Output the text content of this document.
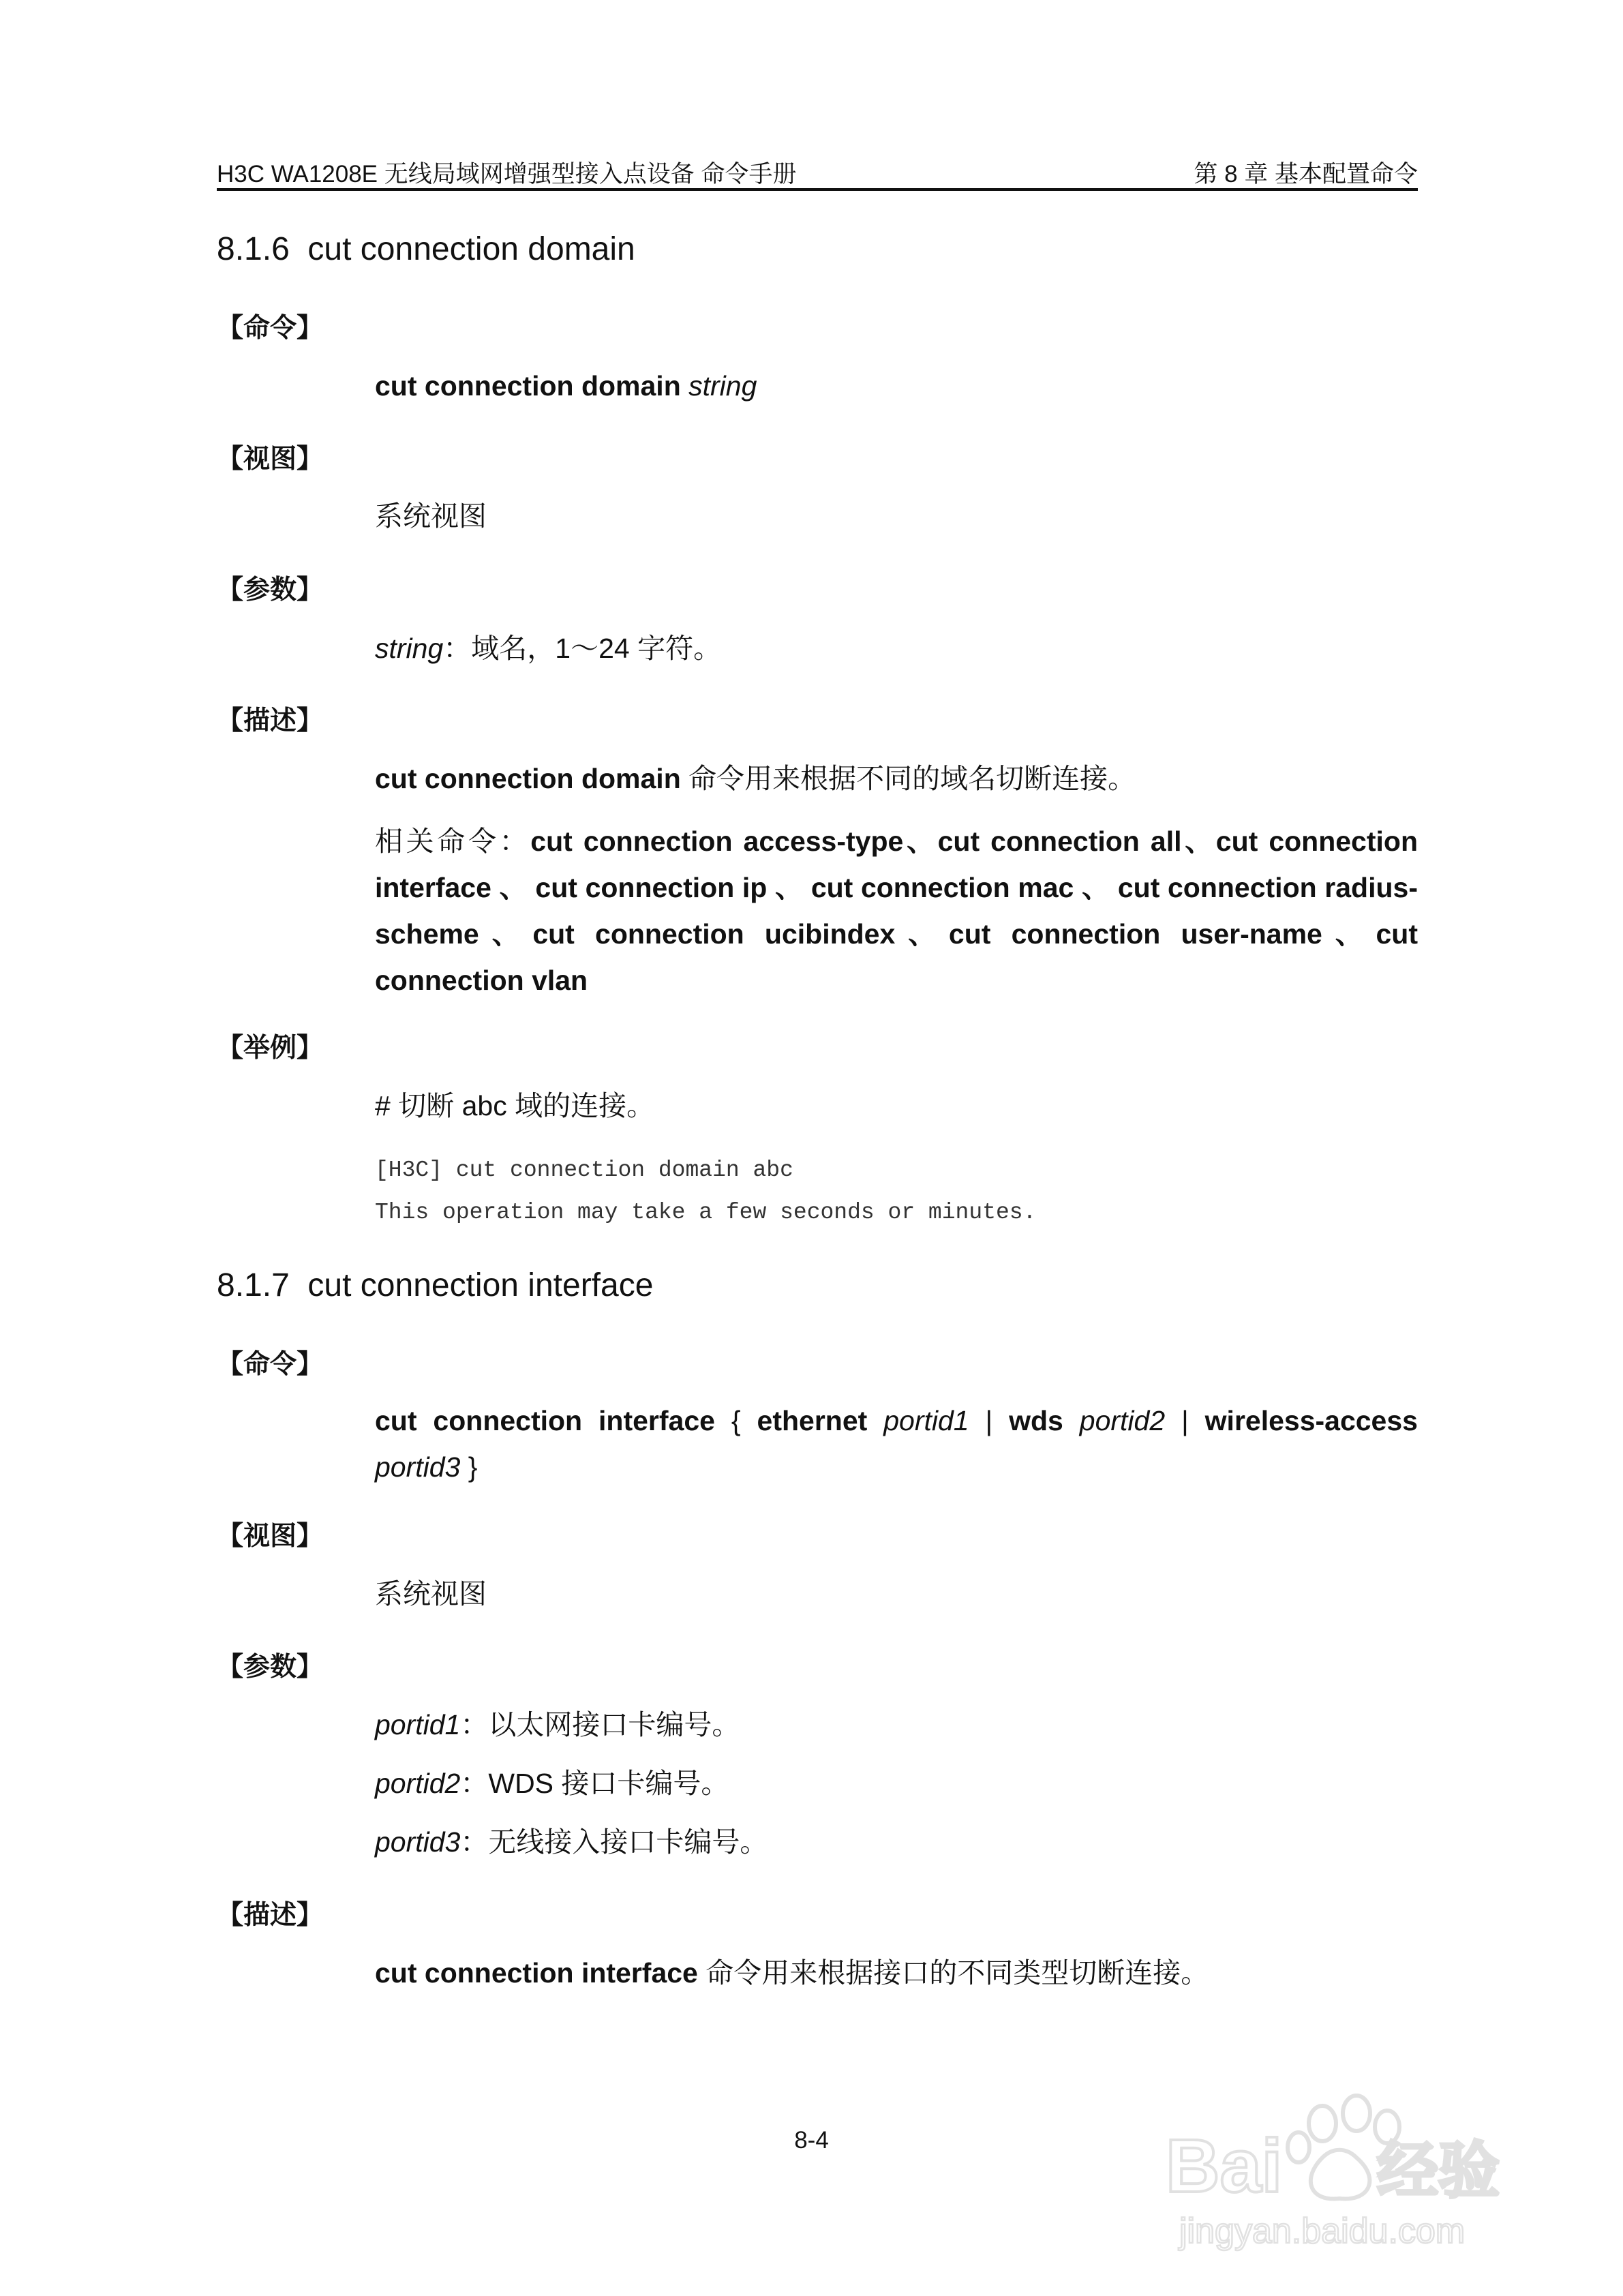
H3C WA1208E 无线局域网增强型接入点设备 命令手册	第 8 章 基本配置命令
8.1.6  cut connection domain
【命令】
cut connection domain string
【视图】
系统视图
【参数】
string：域名，1～24 字符。
【描述】
cut connection domain 命令用来根据不同的域名切断连接。
相关命令：cut connection access-type、cut connection all、cut connection interface 、 cut connection ip 、 cut connection mac 、 cut connection radius-scheme、cut connection ucibindex、cut connection user-name、cut connection vlan
【举例】
# 切断 abc 域的连接。
[H3C] cut connection domain abc
This operation may take a few seconds or minutes.
8.1.7  cut connection interface
【命令】
cut connection interface { ethernet portid1 | wds portid2 | wireless-access portid3 }
【视图】
系统视图
【参数】
portid1：以太网接口卡编号。
portid2：WDS 接口卡编号。
portid3：无线接入接口卡编号。
【描述】
cut connection interface 命令用来根据接口的不同类型切断连接。
8-4	Bai 经验
jingyan.baidu.com
